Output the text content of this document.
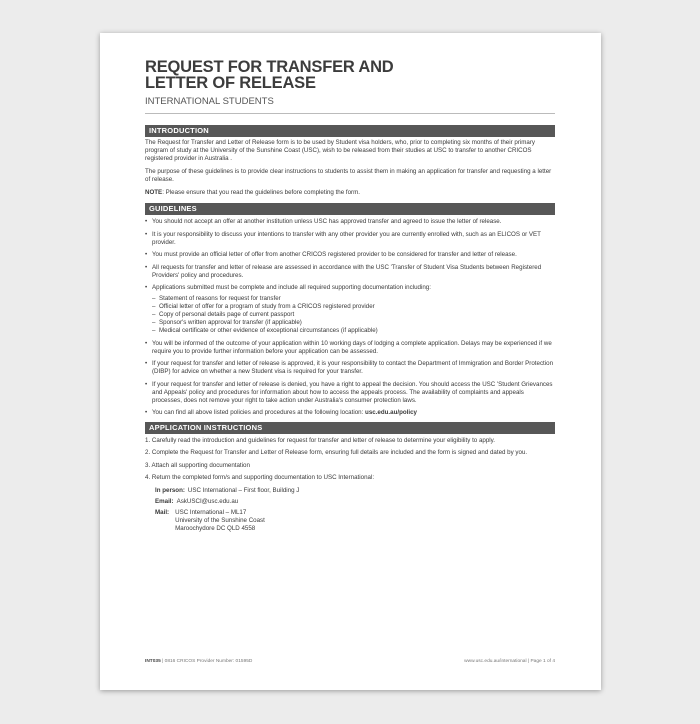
REQUEST FOR TRANSFER AND
LETTER OF RELEASE
INTERNATIONAL STUDENTS
INTRODUCTION

The Request for Transfer and Letter of Release form is to be used by Student visa holders, who, prior to completing six months of their primary program of study at the University of the Sunshine Coast (USC), wish to be released from their studies at USC to transfer to another CRICOS registered provider in Australia .

The purpose of these guidelines is to provide clear instructions to students to assist them in making an application for transfer and requesting a letter of release.

NOTE: Please ensure that you read the guidelines before completing the form.

GUIDELINES
• You should not accept an offer at another institution unless USC has approved transfer and agreed to issue the letter of release.
• It is your responsibility to discuss your intentions to transfer with any other provider you are currently enrolled with, such as an ELICOS or VET provider.
• You must provide an official letter of offer from another CRICOS registered provider to be considered for transfer and letter of release.
• All requests for transfer and letter of release are assessed in accordance with the USC 'Transfer of Student Visa Students between Registered Providers' policy and procedures.
• Applications submitted must be complete and include all required supporting documentation including:
– Statement of reasons for request for transfer
– Official letter of offer for a program of study from a CRICOS registered provider
– Copy of personal details page of current passport
– Sponsor's written approval for transfer (if applicable)
– Medical certificate or other evidence of exceptional circumstances (if applicable)
• You will be informed of the outcome of your application within 10 working days of lodging a complete application. Delays may be experienced if we require you to provide further information before your application can be assessed.
• If your request for transfer and letter of release is approved, it is your responsibility to contact the Department of Immigration and Border Protection (DIBP) for advice on whether a new Student visa is required for your transfer.
• If your request for transfer and letter of release is denied, you have a right to appeal the decision. You should access the USC 'Student Grievances and Appeals' policy and procedures for information about how to access the appeals process. The availability of complaints and appeals processes, does not remove your right to take action under Australia's consumer protection laws.
• You can find all above listed policies and procedures at the following location: usc.edu.au/policy
APPLICATION INSTRUCTIONS
1. Carefully read the introduction and guidelines for request for transfer and letter of release to determine your eligibility to apply.
2. Complete the Request for Transfer and Letter of Release form, ensuring full details are included and the form is signed and dated by you.
3. Attach all supporting documentation
4. Return the completed form/s and supporting documentation to USC International:
In person: USC International – First floor, Building J
Email: AskUSCI@usc.edu.au
Mail: USC International – ML17
University of the Sunshine Coast
Maroochydore DC QLD 4558
INT035 | 0816 CRICOS Provider Number: 01595D	www.usc.edu.au/international | Page 1 of 4
